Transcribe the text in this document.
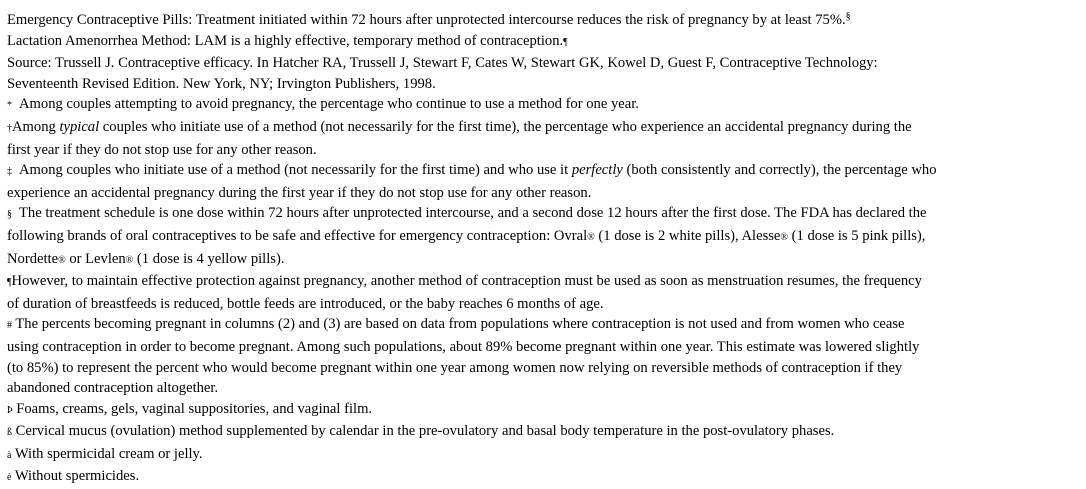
Emergency Contraceptive Pills: Treatment initiated within 72 hours after unprotected intercourse reduces the risk of pregnancy by at least 75%.§

Lactation Amenorrhea Method: LAM is a highly effective, temporary method of contraception.¶

Source: Trussell J. Contraceptive efficacy. In Hatcher RA, Trussell J, Stewart F, Cates W, Stewart GK, Kowel D, Guest F, Contraceptive Technology:

Seventeenth Revised Edition. New York, NY; Irvington Publishers, 1998.

* Among couples attempting to avoid pregnancy, the percentage who continue to use a method for one year.

†Among typical couples who initiate use of a method (not necessarily for the first time), the percentage who experience an accidental pregnancy during the

first year if they do not stop use for any other reason.

‡ Among couples who initiate use of a method (not necessarily for the first time) and who use it perfectly (both consistently and correctly), the percentage who

experience an accidental pregnancy during the first year if they do not stop use for any other reason.

§ The treatment schedule is one dose within 72 hours after unprotected intercourse, and a second dose 12 hours after the first dose. The FDA has declared the

following brands of oral contraceptives to be safe and effective for emergency contraception: Ovral® (1 dose is 2 white pills), Alesse® (1 dose is 5 pink pills),

Nordette® or Levlen® (1 dose is 4 yellow pills).

¶However, to maintain effective protection against pregnancy, another method of contraception must be used as soon as menstruation resumes, the frequency

of duration of breastfeeds is reduced, bottle feeds are introduced, or the baby reaches 6 months of age.

# The percents becoming pregnant in columns (2) and (3) are based on data from populations where contraception is not used and from women who cease

using contraception in order to become pregnant. Among such populations, about 89% become pregnant within one year. This estimate was lowered slightly

(to 85%) to represent the percent who would become pregnant within one year among women now relying on reversible methods of contraception if they

abandoned contraception altogether.

Þ Foams, creams, gels, vaginal suppositories, and vaginal film.

ß Cervical mucus (ovulation) method supplemented by calendar in the pre-ovulatory and basal body temperature in the post-ovulatory phases.

à With spermicidal cream or jelly.

è Without spermicides.
